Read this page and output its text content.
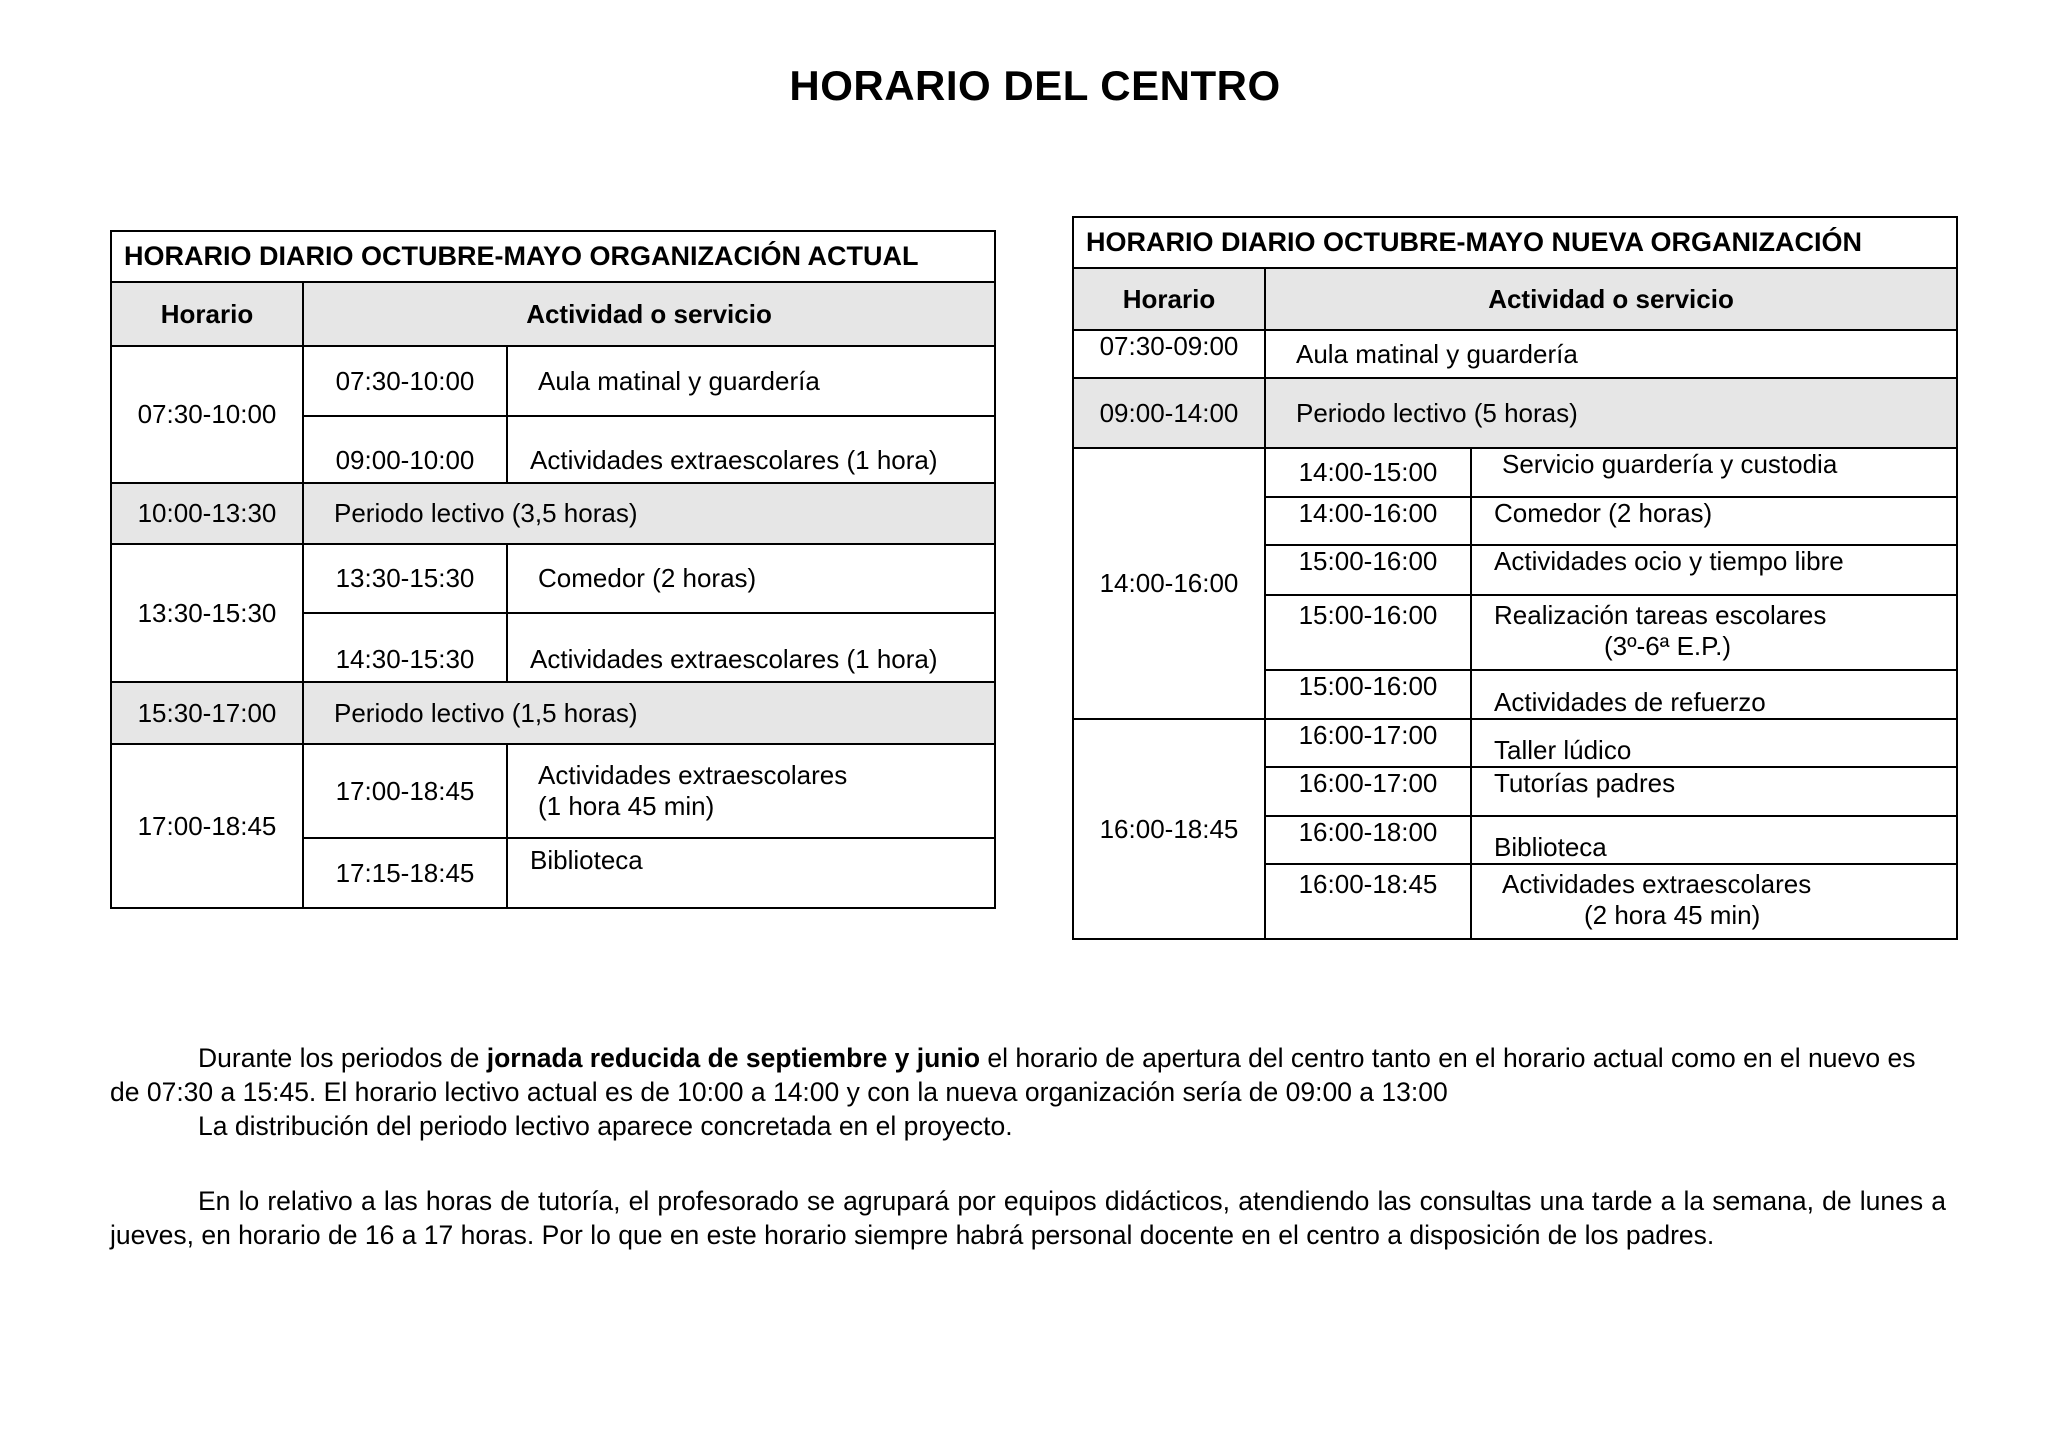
HORARIO DEL CENTRO
HORARIO DIARIO OCTUBRE-MAYO ORGANIZACIÓN ACTUAL		
Horario	Actividad o servicio	
07:30-10:00	07:30-10:00	Aula matinal y guardería
	09:00-10:00	Actividades extraescolares (1 hora)
10:00-13:30	Periodo lectivo (3,5 horas)	
13:30-15:30	13:30-15:30	Comedor (2 horas)
	14:30-15:30	Actividades extraescolares (1 hora)
15:30-17:00	Periodo lectivo (1,5 horas)	
17:00-18:45	17:00-18:45	Actividades extraescolares
(1 hora 45 min)

	17:15-18:45	Biblioteca
HORARIO DIARIO OCTUBRE-MAYO NUEVA ORGANIZACIÓN		
Horario	Actividad o servicio	
07:30-09:00	Aula matinal y guardería	
09:00-14:00	Periodo lectivo (5 horas)	
14:00-16:00	14:00-15:00	Servicio guardería y custodia
	14:00-16:00	Comedor (2 horas)
	15:00-16:00	Actividades ocio y tiempo libre
	15:00-16:00	Realización tareas escolares
(3º-6ª E.P.)

	15:00-16:00	Actividades de refuerzo
16:00-18:45	16:00-17:00	Taller lúdico
	16:00-17:00	Tutorías padres
	16:00-18:00	Biblioteca
	16:00-18:45	Actividades extraescolares
(2 hora 45 min)
Durante los periodos de jornada reducida de septiembre y junio el horario de apertura del centro tanto en el horario actual como en el nuevo es de 07:30 a 15:45. El horario lectivo actual es de 10:00 a 14:00 y con la nueva organización sería de 09:00 a 13:00
La distribución del periodo lectivo aparece concretada en el proyecto.
En lo relativo a las horas de tutoría, el profesorado se agrupará por equipos didácticos, atendiendo las consultas una tarde a la semana, de lunes a jueves, en horario de 16 a 17 horas. Por lo que en este horario siempre habrá personal docente en el centro a disposición de los padres.
